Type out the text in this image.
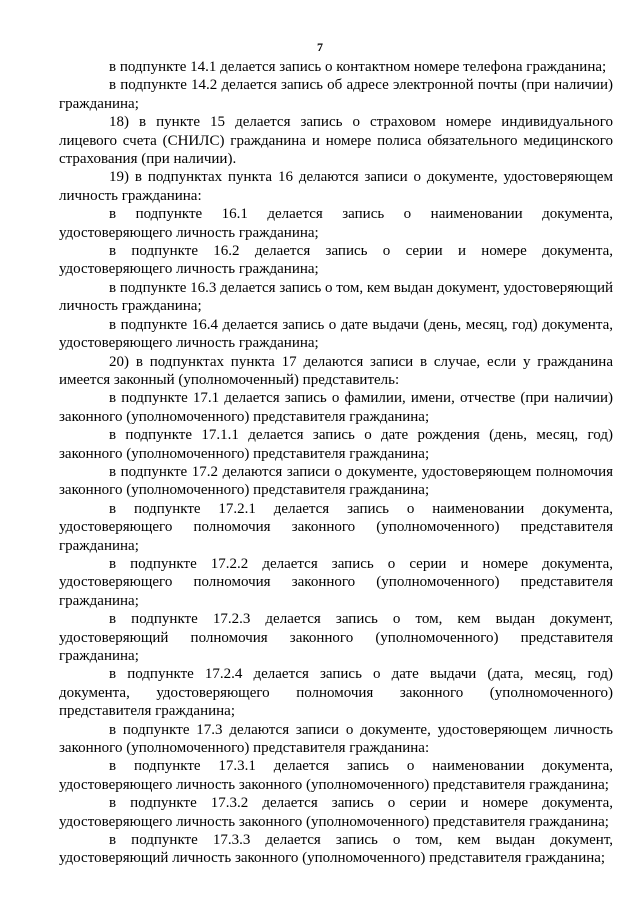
7

в подпункте 14.1 делается запись о контактном номере телефона гражданина;

в подпункте 14.2 делается запись об адресе электронной почты (при наличии) гражданина;

18) в пункте 15 делается запись о страховом номере индивидуального лицевого счета (СНИЛС) гражданина и номере полиса обязательного медицинского страхования (при наличии).

19) в подпунктах пункта 16 делаются записи о документе, удостоверяющем личность гражданина:

в подпункте 16.1 делается запись о наименовании документа, удостоверяющего личность гражданина;

в подпункте 16.2 делается запись о серии и номере документа, удостоверяющего личность гражданина;

в подпункте 16.3 делается запись о том, кем выдан документ, удостоверяющий личность гражданина;

в подпункте 16.4 делается запись о дате выдачи (день, месяц, год) документа, удостоверяющего личность гражданина;

20) в подпунктах пункта 17 делаются записи в случае, если у гражданина имеется законный (уполномоченный) представитель:

в подпункте 17.1 делается запись о фамилии, имени, отчестве (при наличии) законного (уполномоченного) представителя гражданина;

в подпункте 17.1.1 делается запись о дате рождения (день, месяц, год) законного (уполномоченного) представителя гражданина;

в подпункте 17.2 делаются записи о документе, удостоверяющем полномочия законного (уполномоченного) представителя гражданина;

в подпункте 17.2.1 делается запись о наименовании документа, удостоверяющего полномочия законного (уполномоченного) представителя гражданина;

в подпункте 17.2.2 делается запись о серии и номере документа, удостоверяющего полномочия законного (уполномоченного) представителя гражданина;

в подпункте 17.2.3 делается запись о том, кем выдан документ, удостоверяющий полномочия законного (уполномоченного) представителя гражданина;

в подпункте 17.2.4 делается запись о дате выдачи (дата, месяц, год) документа, удостоверяющего полномочия законного (уполномоченного) представителя гражданина;

в подпункте 17.3 делаются записи о документе, удостоверяющем личность законного (уполномоченного) представителя гражданина:

в подпункте 17.3.1 делается запись о наименовании документа, удостоверяющего личность законного (уполномоченного) представителя гражданина;

в подпункте 17.3.2 делается запись о серии и номере документа, удостоверяющего личность законного (уполномоченного) представителя гражданина;

в подпункте 17.3.3 делается запись о том, кем выдан документ, удостоверяющий личность законного (уполномоченного) представителя гражданина;
